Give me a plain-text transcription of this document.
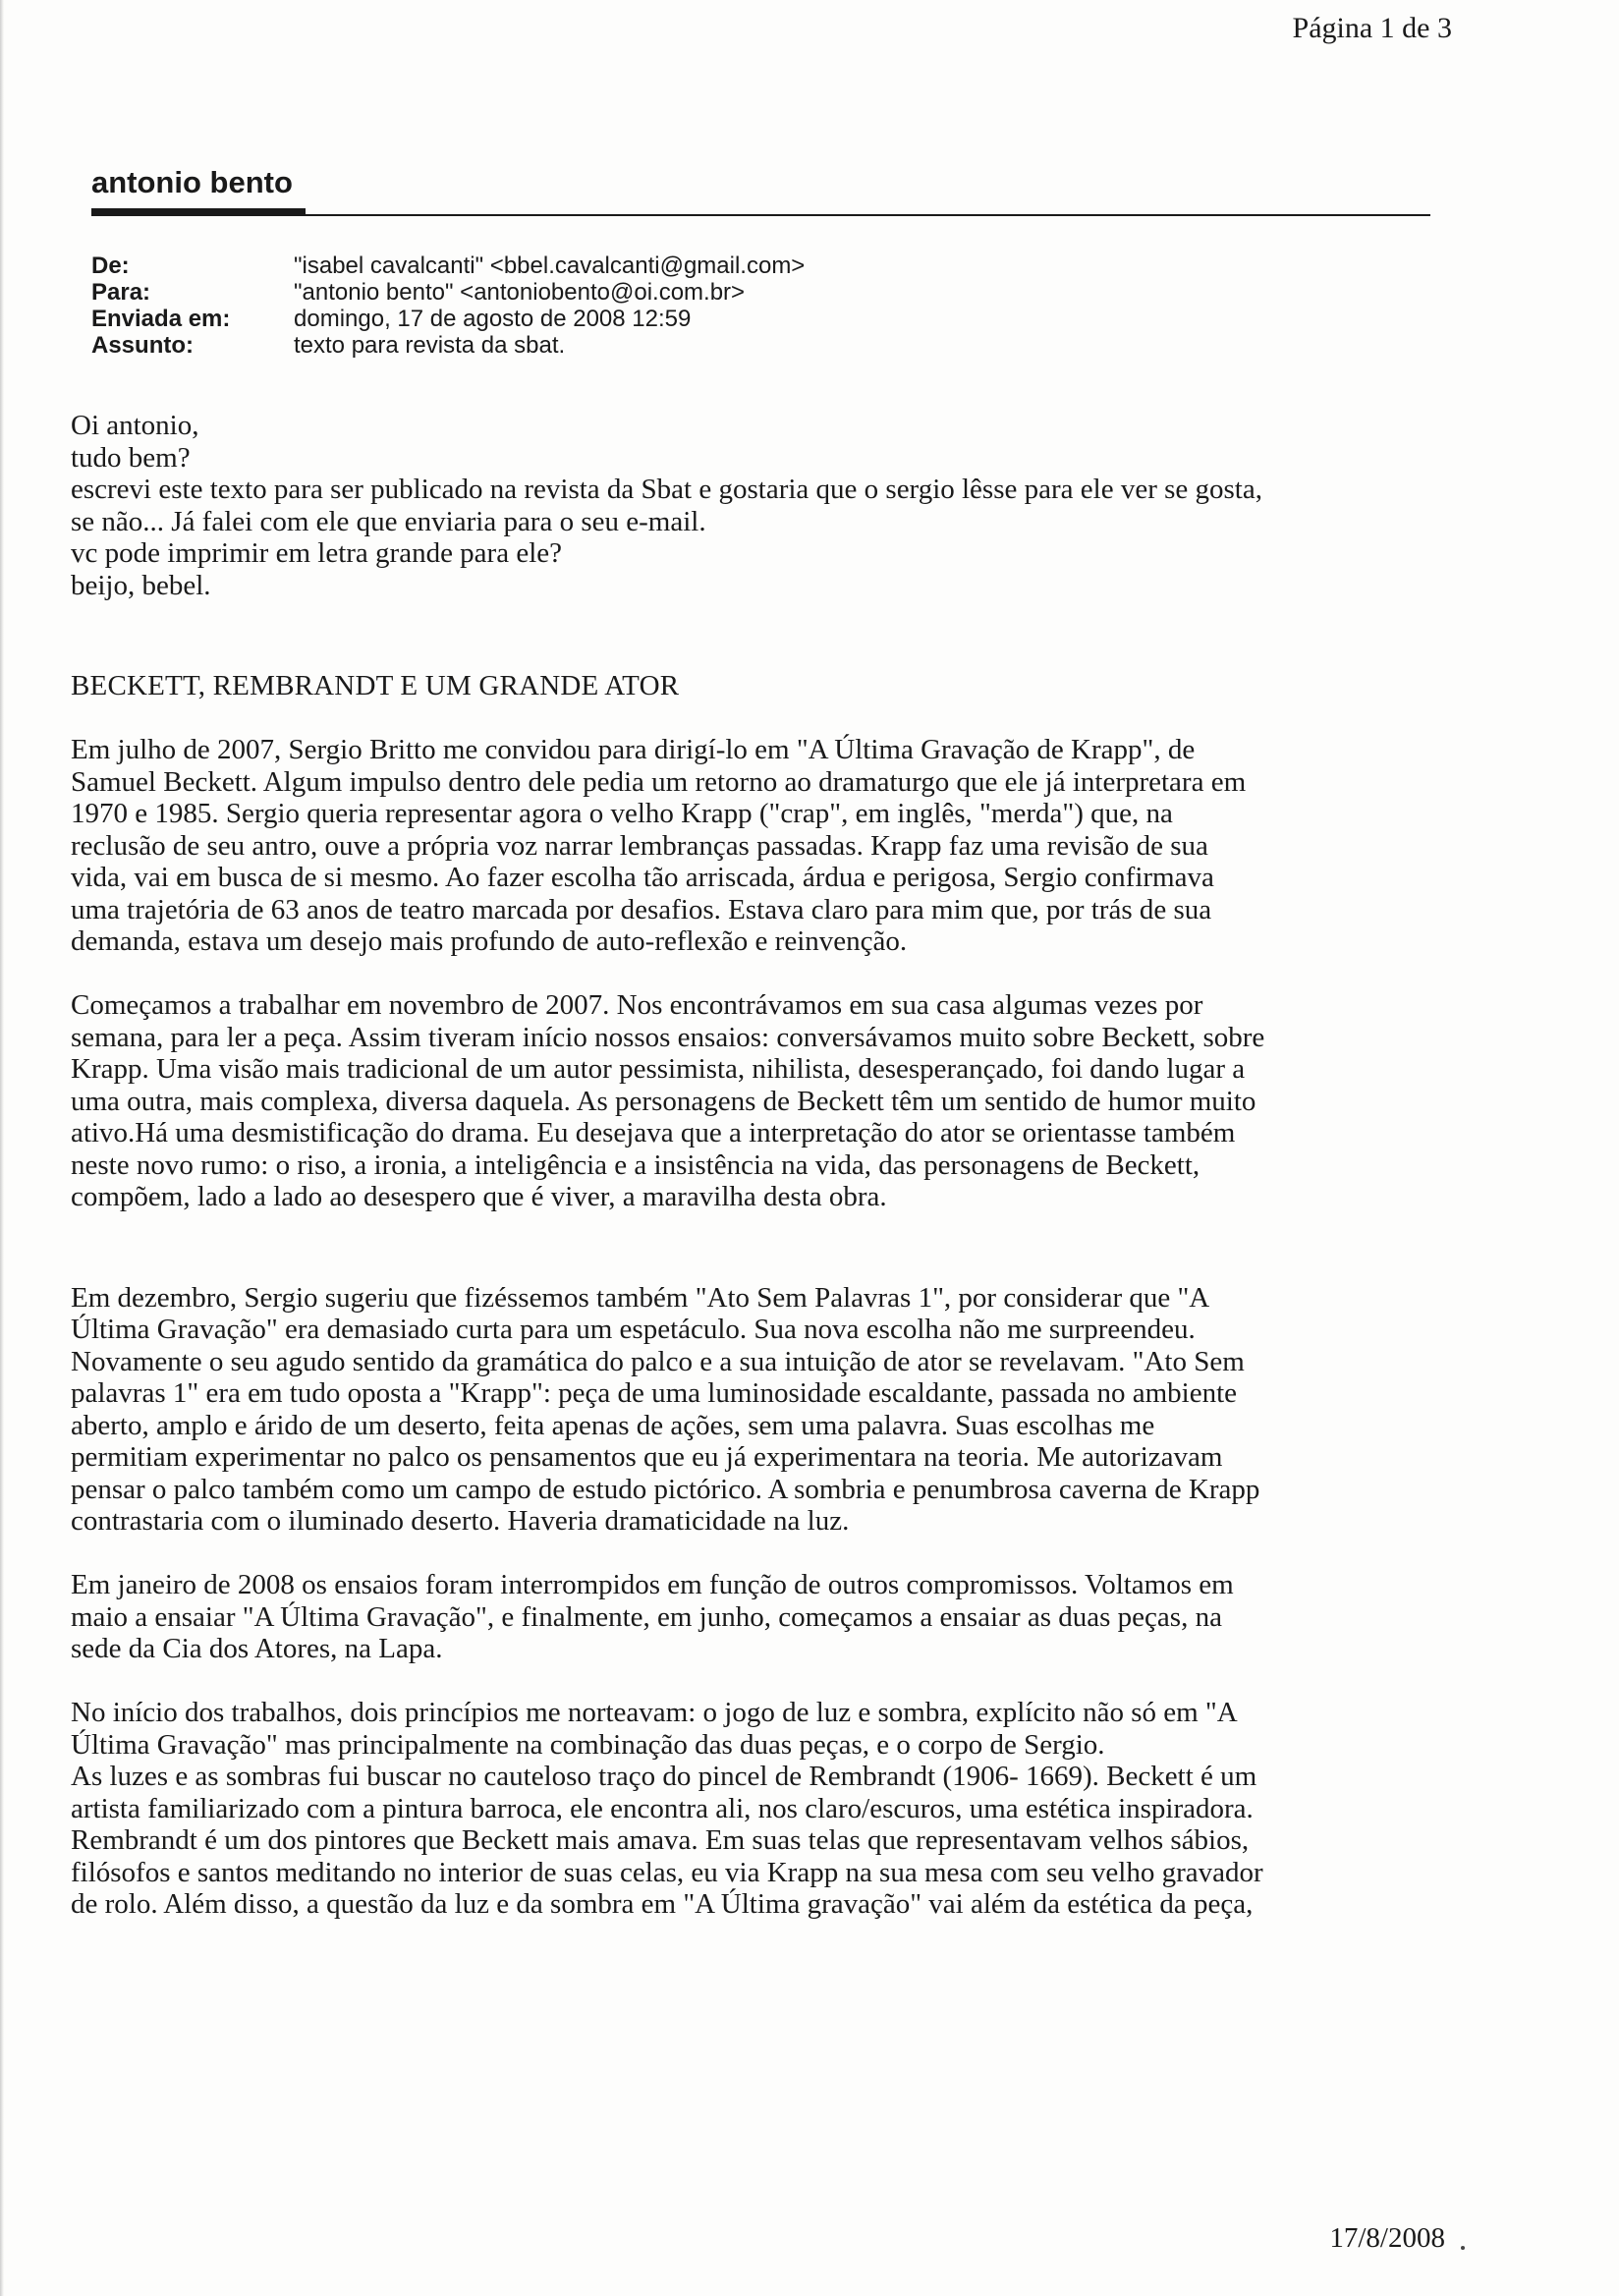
Página 1 de 3
antonio bento
De:	"isabel cavalcanti" <bbel.cavalcanti@gmail.com>
Para:	"antonio bento" <antoniobento@oi.com.br>
Enviada em:	domingo, 17 de agosto de 2008 12:59
Assunto:	texto para revista da sbat.
Oi antonio,
tudo bem?
escrevi este texto para ser publicado na revista da Sbat e gostaria que o sergio lêsse para ele ver se gosta,
se não... Já falei com ele que enviaria para o seu e-mail.
vc pode imprimir em letra grande para ele?
beijo, bebel.
BECKETT, REMBRANDT E UM GRANDE ATOR
Em julho de 2007, Sergio Britto me convidou para dirigí-lo em "A Última Gravação de Krapp", de
Samuel Beckett. Algum impulso dentro dele pedia um retorno ao dramaturgo que ele já interpretara em
1970 e 1985. Sergio queria representar agora o velho Krapp ("crap", em inglês, "merda") que, na
reclusão de seu antro, ouve a própria voz narrar lembranças passadas. Krapp faz uma revisão de sua
vida, vai em busca de si mesmo. Ao fazer escolha tão arriscada, árdua e perigosa, Sergio confirmava
uma trajetória de 63 anos de teatro marcada por desafios. Estava claro para mim que, por trás de sua
demanda, estava um desejo mais profundo de auto-reflexão e reinvenção.
Começamos a trabalhar em novembro de 2007. Nos encontrávamos em sua casa algumas vezes por
semana, para ler a peça. Assim tiveram início nossos ensaios: conversávamos muito sobre Beckett, sobre
Krapp. Uma visão mais tradicional de um autor pessimista, nihilista, desesperançado, foi dando lugar a
uma outra, mais complexa, diversa daquela. As personagens de Beckett têm um sentido de humor muito
ativo.Há uma desmistificação do drama. Eu desejava que a interpretação do ator se orientasse também
neste novo rumo: o riso, a ironia, a inteligência e a insistência na vida, das personagens de Beckett,
compõem, lado a lado ao desespero que é viver, a maravilha desta obra.
Em dezembro, Sergio sugeriu que fizéssemos também "Ato Sem Palavras 1", por considerar que "A
Última Gravação" era demasiado curta para um espetáculo. Sua nova escolha não me surpreendeu.
Novamente o seu agudo sentido da gramática do palco e a sua intuição de ator se revelavam. "Ato Sem
palavras 1" era em tudo oposta a "Krapp": peça de uma luminosidade escaldante, passada no ambiente
aberto, amplo e árido de um deserto, feita apenas de ações, sem uma palavra. Suas escolhas me
permitiam experimentar no palco os pensamentos que eu já experimentara na teoria. Me autorizavam
pensar o palco também como um campo de estudo pictórico. A sombria e penumbrosa caverna de Krapp
contrastaria com o iluminado deserto. Haveria dramaticidade na luz.
Em janeiro de 2008 os ensaios foram interrompidos em função de outros compromissos. Voltamos em
maio a ensaiar "A Última Gravação", e finalmente, em junho, começamos a ensaiar as duas peças, na
sede da Cia dos Atores, na Lapa.
No início dos trabalhos, dois princípios me norteavam: o jogo de luz e sombra, explícito não só em "A
Última Gravação" mas principalmente na combinação das duas peças, e o corpo de Sergio.
As luzes e as sombras fui buscar no cauteloso traço do pincel de Rembrandt (1906- 1669). Beckett é um
artista familiarizado com a pintura barroca, ele encontra ali, nos claro/escuros, uma estética inspiradora.
Rembrandt é um dos pintores que Beckett mais amava. Em suas telas que representavam velhos sábios,
filósofos e santos meditando no interior de suas celas, eu via Krapp na sua mesa com seu velho gravador
de rolo. Além disso, a questão da luz e da sombra em "A Última gravação" vai além da estética da peça,
17/8/2008
